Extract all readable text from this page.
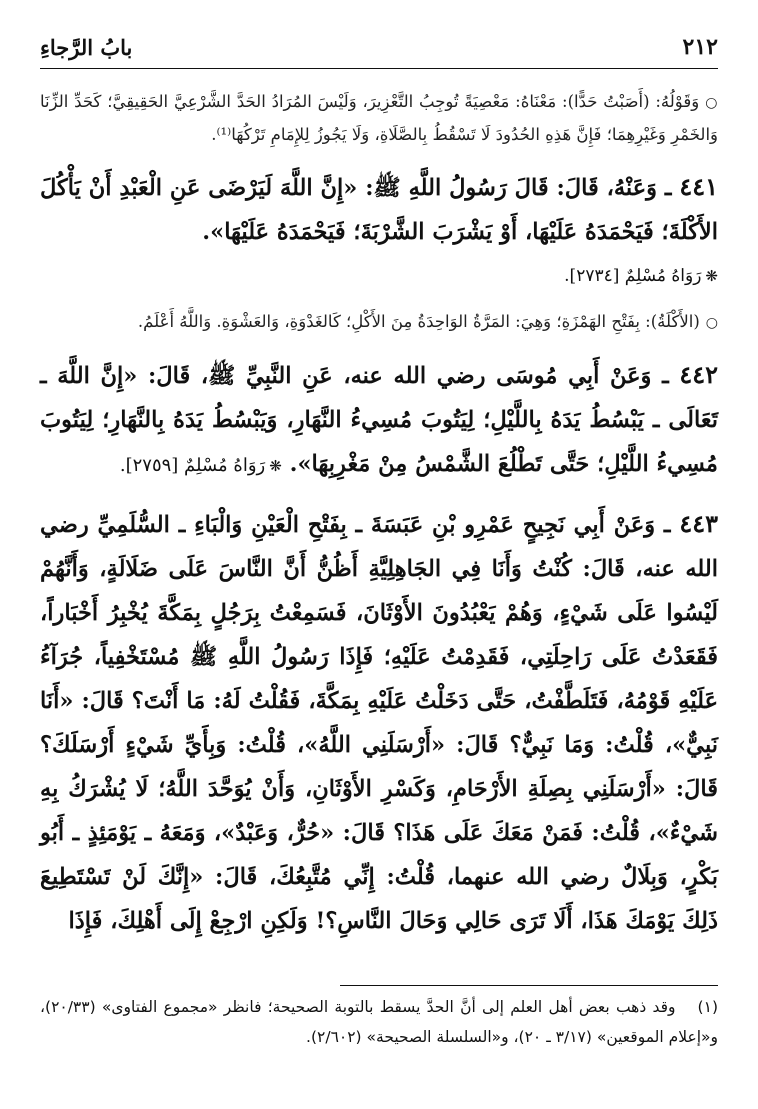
٢١٢
بابُ الرَّجاءِ

○وَقَوْلُهُ: (أَصَبْتُ حَدًّا): مَعْنَاهُ: مَعْصِيَةً تُوجِبُ التَّعْزِيرَ، وَلَيْسَ المُرَادُ الحَدَّ الشَّرْعِيَّ الحَقِيقِيَّ؛ كَحَدِّ الزِّنَا وَالخَمْرِ وَغَيْرِهِمَا؛ فَإِنَّ هَذِهِ الحُدُودَ لَا تَسْقُطُ بِالصَّلَاةِ، وَلَا يَجُوزُ لِلإِمَامِ تَرْكُهَا⁽¹⁾.

٤٤١ ـ وَعَنْهُ، قَالَ: قَالَ رَسُولُ اللَّهِ ﷺ: «إِنَّ اللَّهَ لَيَرْضَى عَنِ الْعَبْدِ أَنْ يَأْكُلَ الأَكْلَةَ؛ فَيَحْمَدَهُ عَلَيْهَا، أَوْ يَشْرَبَ الشَّرْبَةَ؛ فَيَحْمَدَهُ عَلَيْهَا».

❋رَوَاهُ مُسْلِمٌ [٢٧٣٤].

○(الأَكْلَةُ): بِفَتْحِ الهَمْزَةِ؛ وَهِيَ: المَرَّةُ الوَاحِدَةُ مِنَ الأَكْلِ؛ كَالغَدْوَةِ، وَالعَشْوَةِ. وَاللَّهُ أَعْلَمُ.

٤٤٢ ـ وَعَنْ أَبِي مُوسَى رضي الله عنه، عَنِ النَّبِيِّ ﷺ، قَالَ: «إِنَّ اللَّهَ ـ تَعَالَى ـ يَبْسُطُ يَدَهُ بِاللَّيْلِ؛ لِيَتُوبَ مُسِيءُ النَّهَارِ، وَيَبْسُطُ يَدَهُ بِالنَّهَارِ؛ لِيَتُوبَ مُسِيءُ اللَّيْلِ؛ حَتَّى تَطْلُعَ الشَّمْسُ مِنْ مَغْرِبِهَا». ❋رَوَاهُ مُسْلِمٌ [٢٧٥٩].

٤٤٣ ـ وَعَنْ أَبِي نَجِيحٍ عَمْرِو بْنِ عَبَسَةَ ـ بِفَتْحِ الْعَيْنِ وَالْبَاءِ ـ السُّلَمِيِّ رضي الله عنه، قَالَ: كُنْتُ وَأَنَا فِي الجَاهِلِيَّةِ أَظُنُّ أَنَّ النَّاسَ عَلَى ضَلَالَةٍ، وَأَنَّهُمْ لَيْسُوا عَلَى شَيْءٍ، وَهُمْ يَعْبُدُونَ الأَوْثَانَ، فَسَمِعْتُ بِرَجُلٍ بِمَكَّةَ يُخْبِرُ أَخْبَاراً، فَقَعَدْتُ عَلَى رَاحِلَتِي، فَقَدِمْتُ عَلَيْهِ؛ فَإِذَا رَسُولُ اللَّهِ ﷺ مُسْتَخْفِياً، جُرَآءُ عَلَيْهِ قَوْمُهُ، فَتَلَطَّفْتُ، حَتَّى دَخَلْتُ عَلَيْهِ بِمَكَّةَ، فَقُلْتُ لَهُ: مَا أَنْتَ؟ قَالَ: «أَنَا نَبِيٌّ»، قُلْتُ: وَمَا نَبِيٌّ؟ قَالَ: «أَرْسَلَنِي اللَّهُ»، قُلْتُ: وَبِأَيِّ شَيْءٍ أَرْسَلَكَ؟ قَالَ: «أَرْسَلَنِي بِصِلَةِ الأَرْحَامِ، وَكَسْرِ الأَوْثَانِ، وَأَنْ يُوَحَّدَ اللَّهُ؛ لَا يُشْرَكُ بِهِ شَيْءٌ»، قُلْتُ: فَمَنْ مَعَكَ عَلَى هَذَا؟ قَالَ: «حُرٌّ، وَعَبْدٌ»، وَمَعَهُ ـ يَوْمَئِذٍ ـ أَبُو بَكْرٍ، وَبِلَالٌ رضي الله عنهما، قُلْتُ: إِنِّي مُتَّبِعُكَ، قَالَ: «إِنَّكَ لَنْ تَسْتَطِيعَ ذَلِكَ يَوْمَكَ هَذَا، أَلَا تَرَى حَالِي وَحَالَ النَّاسِ؟! وَلَكِنِ ارْجِعْ إِلَى أَهْلِكَ، فَإِذَا

(١)وقد ذهب بعض أهل العلم إلى أنَّ الحدَّ يسقط بالتوبة الصحيحة؛ فانظر «مجموع الفتاوى» (٢٠/٣٣)، و«إعلام الموقعين» (٣/١٧ ـ ٢٠)، و«السلسلة الصحيحة» (٢/٦٠٢).
